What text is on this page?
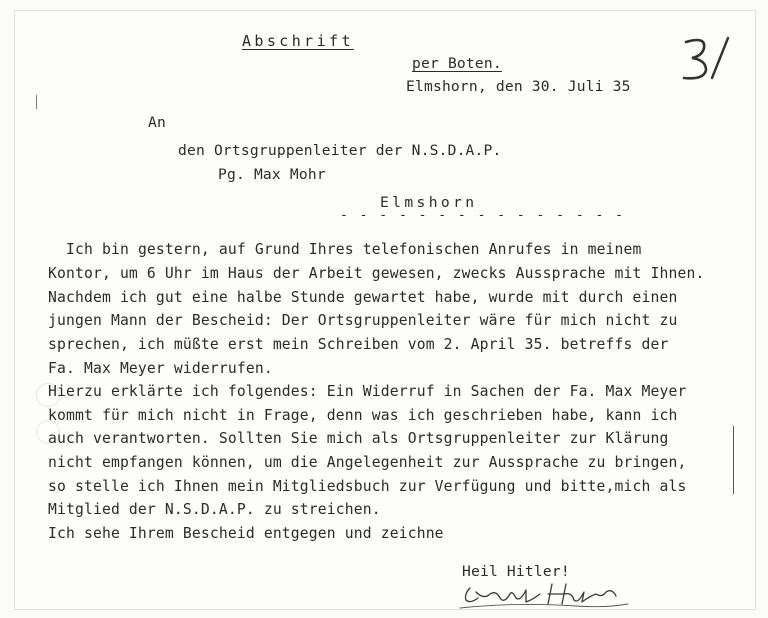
Abschrift
per Boten.
Elmshorn, den 30. Juli 35
An
den Ortsgruppenleiter der N.S.D.A.P.
Pg. Max Mohr
Elmshorn
- - - - - - - - - - - - - - -
Ich bin gestern, auf Grund Ihres telefonischen Anrufes in meinem
Kontor, um 6 Uhr im Haus der Arbeit gewesen, zwecks Aussprache mit Ihnen.
Nachdem ich gut eine halbe Stunde gewartet habe, wurde mit durch einen
jungen Mann der Bescheid: Der Ortsgruppenleiter wäre für mich nicht zu
sprechen, ich müßte erst mein Schreiben vom 2. April 35. betreffs der
Fa. Max Meyer widerrufen.
Hierzu erklärte ich folgendes: Ein Widerruf in Sachen der Fa. Max Meyer
kommt für mich nicht in Frage, denn was ich geschrieben habe, kann ich
auch verantworten. Sollten Sie mich als Ortsgruppenleiter zur Klärung
nicht empfangen können, um die Angelegenheit zur Aussprache zu bringen,
so stelle ich Ihnen mein Mitgliedsbuch zur Verfügung und bitte,mich als
Mitglied der N.S.D.A.P. zu streichen.
Ich sehe Ihrem Bescheid entgegen und zeichne
Heil Hitler!
